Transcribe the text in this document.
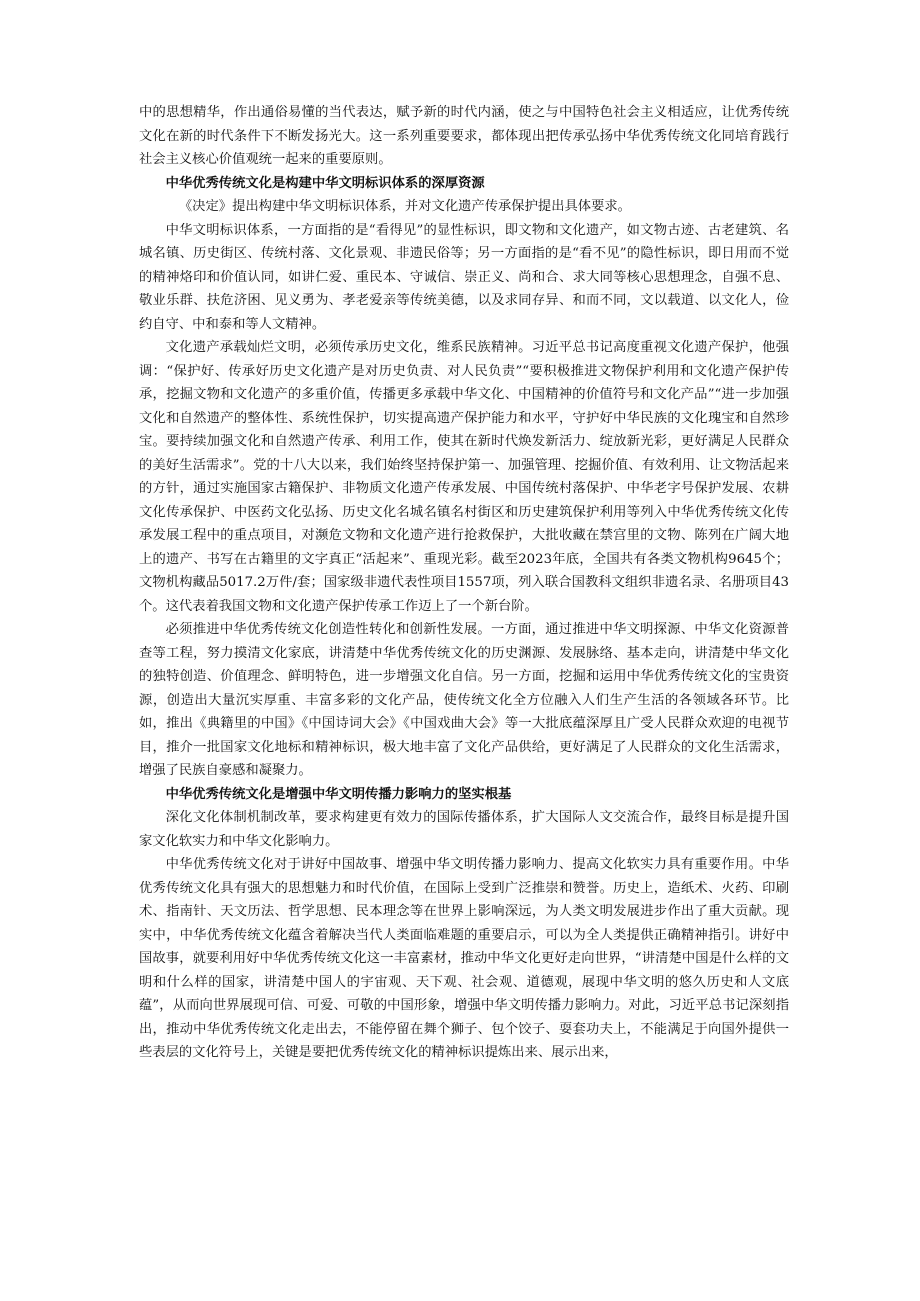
中的思想精华，作出通俗易懂的当代表达，赋予新的时代内涵，使之与中国特色社会主义相适应，让优秀传统文化在新的时代条件下不断发扬光大。这一系列重要要求，都体现出把传承弘扬中华优秀传统文化同培育践行社会主义核心价值观统一起来的重要原则。

中华优秀传统文化是构建中华文明标识体系的深厚资源

《决定》提出构建中华文明标识体系，并对文化遗产传承保护提出具体要求。

中华文明标识体系，一方面指的是“看得见”的显性标识，即文物和文化遗产，如文物古迹、古老建筑、名城名镇、历史街区、传统村落、文化景观、非遗民俗等；另一方面指的是“看不见”的隐性标识，即日用而不觉的精神烙印和价值认同，如讲仁爱、重民本、守诚信、崇正义、尚和合、求大同等核心思想理念，自强不息、敬业乐群、扶危济困、见义勇为、孝老爱亲等传统美德，以及求同存异、和而不同，文以载道、以文化人，俭约自守、中和泰和等人文精神。

文化遗产承载灿烂文明，必须传承历史文化，维系民族精神。习近平总书记高度重视文化遗产保护，他强调：“保护好、传承好历史文化遗产是对历史负责、对人民负责”“要积极推进文物保护利用和文化遗产保护传承，挖掘文物和文化遗产的多重价值，传播更多承载中华文化、中国精神的价值符号和文化产品”“进一步加强文化和自然遗产的整体性、系统性保护，切实提高遗产保护能力和水平，守护好中华民族的文化瑰宝和自然珍宝。要持续加强文化和自然遗产传承、利用工作，使其在新时代焕发新活力、绽放新光彩，更好满足人民群众的美好生活需求”。党的十八大以来，我们始终坚持保护第一、加强管理、挖掘价值、有效利用、让文物活起来的方针，通过实施国家古籍保护、非物质文化遗产传承发展、中国传统村落保护、中华老字号保护发展、农耕文化传承保护、中医药文化弘扬、历史文化名城名镇名村街区和历史建筑保护利用等列入中华优秀传统文化传承发展工程中的重点项目，对濒危文物和文化遗产进行抢救保护，大批收藏在禁宫里的文物、陈列在广阔大地上的遗产、书写在古籍里的文字真正“活起来”、重现光彩。截至2023年底，全国共有各类文物机构9645个；文物机构藏品5017.2万件/套；国家级非遗代表性项目1557项，列入联合国教科文组织非遗名录、名册项目43个。这代表着我国文物和文化遗产保护传承工作迈上了一个新台阶。

必须推进中华优秀传统文化创造性转化和创新性发展。一方面，通过推进中华文明探源、中华文化资源普查等工程，努力摸清文化家底，讲清楚中华优秀传统文化的历史渊源、发展脉络、基本走向，讲清楚中华文化的独特创造、价值理念、鲜明特色，进一步增强文化自信。另一方面，挖掘和运用中华优秀传统文化的宝贵资源，创造出大量沉实厚重、丰富多彩的文化产品，使传统文化全方位融入人们生产生活的各领域各环节。比如，推出《典籍里的中国》《中国诗词大会》《中国戏曲大会》等一大批底蕴深厚且广受人民群众欢迎的电视节目，推介一批国家文化地标和精神标识，极大地丰富了文化产品供给，更好满足了人民群众的文化生活需求，增强了民族自豪感和凝聚力。

中华优秀传统文化是增强中华文明传播力影响力的坚实根基

深化文化体制机制改革，要求构建更有效力的国际传播体系，扩大国际人文交流合作，最终目标是提升国家文化软实力和中华文化影响力。

中华优秀传统文化对于讲好中国故事、增强中华文明传播力影响力、提高文化软实力具有重要作用。中华优秀传统文化具有强大的思想魅力和时代价值，在国际上受到广泛推崇和赞誉。历史上，造纸术、火药、印刷术、指南针、天文历法、哲学思想、民本理念等在世界上影响深远，为人类文明发展进步作出了重大贡献。现实中，中华优秀传统文化蕴含着解决当代人类面临难题的重要启示，可以为全人类提供正确精神指引。讲好中国故事，就要利用好中华优秀传统文化这一丰富素材，推动中华文化更好走向世界，“讲清楚中国是什么样的文明和什么样的国家，讲清楚中国人的宇宙观、天下观、社会观、道德观，展现中华文明的悠久历史和人文底蕴”，从而向世界展现可信、可爱、可敬的中国形象，增强中华文明传播力影响力。对此，习近平总书记深刻指出，推动中华优秀传统文化走出去，不能停留在舞个狮子、包个饺子、耍套功夫上，不能满足于向国外提供一些表层的文化符号上，关键是要把优秀传统文化的精神标识提炼出来、展示出来，
